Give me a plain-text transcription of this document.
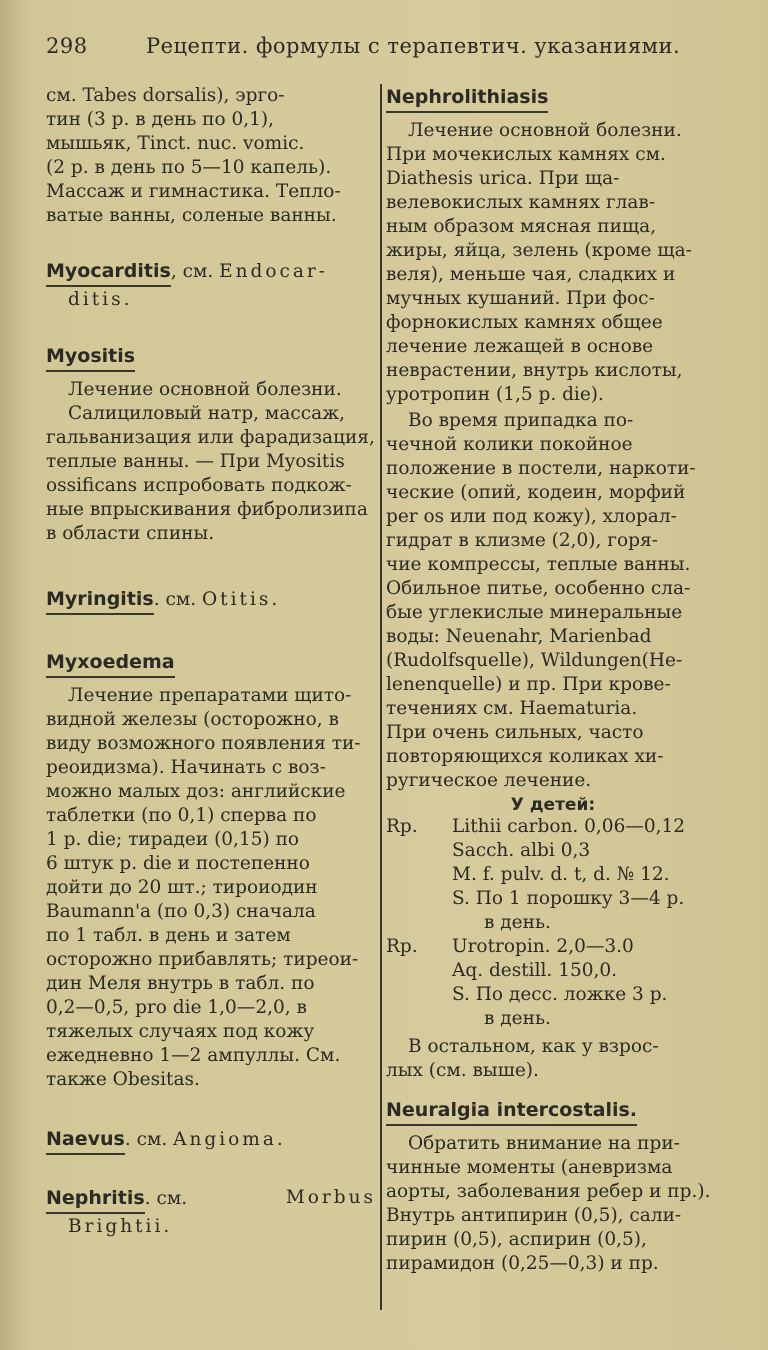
298	Рецепти. формулы с терапевтич. указаниями.
см. Tabes dorsalis), эрго-
тин (3 р. в день по 0,1),
мышьяк, Tinct. nuc. vomic.
(2 р. в день по 5—10 капель).
Массаж и гимнастика. Тепло-
ватые ванны, соленые ванны.
Myocarditis, см. Endocar-
ditis.
Myositis
Лечение основной болезни.
Салициловый натр, массаж,
гальванизация или фарадизация,
теплые ванны. — При Myositis
ossificans испробовать подкож-
ные впрыскивания фибролизипа
в области спины.
Myringitis. см. Otitis.
Myxoedema
Лечение препаратами щито-
видной железы (осторожно, в
виду возможного появления ти-
реоидизма). Начинать с воз-
можно малых доз: английские
таблетки (по 0,1) сперва по
1 р. die; тирадеи (0,15) по
6 штук р. die и постепенно
дойти до 20 шт.; тироиодин
Baumann'a (по 0,3) сначала
по 1 табл. в день и затем
осторожно прибавлять; тиреои-
дин Меля внутрь в табл. по
0,2—0,5, pro die 1,0—2,0, в
тяжелых случаях под кожу
ежедневно 1—2 ампуллы. См.
также Obesitas.
Naevus. см. Angioma.
Nephritis. см.	Morbus
Brightii.
Nephrolithiasis
Лечение основной болезни.
При мочекислых камнях см.
Diathesis urica. При ща-
велевокислых камнях глав-
ным образом мясная пища,
жиры, яйца, зелень (кроме ща-
веля), меньше чая, сладких и
мучных кушаний. При фос-
форнокислых камнях общее
лечение лежащей в основе
неврастении, внутрь кислоты,
уротропин (1,5 р. die).
Во время припадка по-
чечной колики покойное
положение в постели, наркоти-
ческие (опий, кодеин, морфий
per os или под кожу), хлорал-
гидрат в клизме (2,0), горя-
чие компрессы, теплые ванны.
Обильное питье, особенно сла-
бые углекислые минеральные
воды: Neuenahr, Marienbad
(Rudolfsquelle), Wildungen(He-
lenenquelle) и пр. При крове-
течениях см. Haematuria.
При очень сильных, часто
повторяющихся коликах хи-
ругическое лечение.
У детей:
Rp.	Lithii carbon. 0,06—0,12
Sacch. albi 0,3
M. f. pulv. d. t, d. № 12.
S. По 1 порошку 3—4 р.
в день.
Rp.	Urotropin. 2,0—3.0
Aq. destill. 150,0.
S. По десс. ложке 3 р.
в день.
В остальном, как у взрос-
лых (см. выше).
Neuralgia intercostalis.
Обратить внимание на при-
чинные моменты (аневризма
аорты, заболевания ребер и пр.).
Внутрь антипирин (0,5), сали-
пирин (0,5), аспирин (0,5),
пирамидон (0,25—0,3) и пр.
